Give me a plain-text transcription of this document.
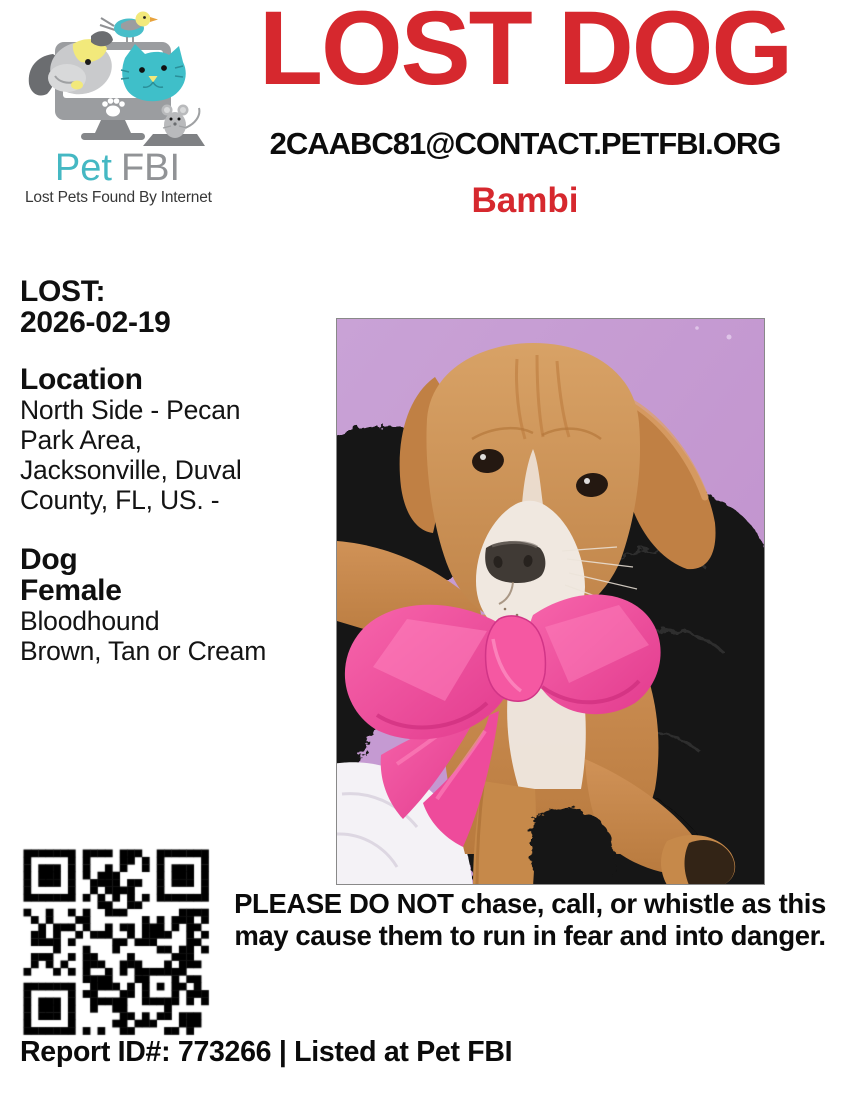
Pet FBI
Lost Pets Found By Internet
LOST DOG
2CAABC81@CONTACT.PETFBI.ORG
Bambi
LOST:
2026-02-19
Location
North Side - Pecan
Park Area,
Jacksonville, Duval
County, FL, US. -
Dog
Female
Bloodhound
Brown, Tan or Cream
PLEASE DO NOT chase, call, or whistle as this
may cause them to run in fear and into danger.
Report ID#: 773266 | Listed at Pet FBI
